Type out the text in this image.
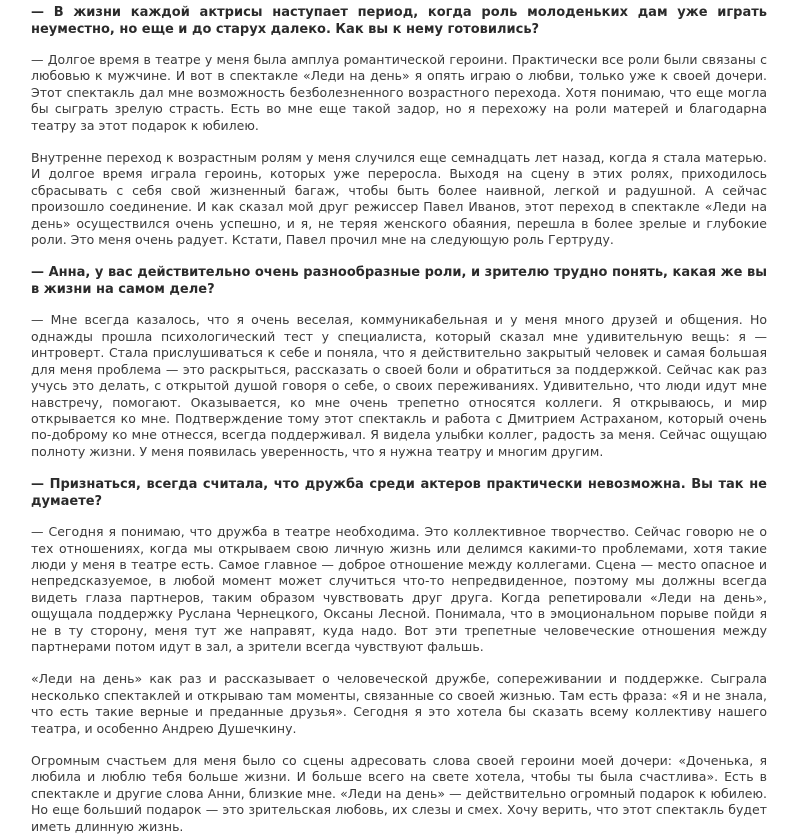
— В жизни каждой актрисы наступает период, когда роль молоденьких дам уже играть неуместно, но еще и до старух далеко. Как вы к нему готовились?

— Долгое время в театре у меня была амплуа романтической героини. Практически все роли были связаны с любовью к мужчине. И вот в спектакле «Леди на день» я опять играю о любви, только уже к своей дочери. Этот спектакль дал мне возможность безболезненного возрастного перехода. Хотя понимаю, что еще могла бы сыграть зрелую страсть. Есть во мне еще такой задор, но я перехожу на роли матерей и благодарна театру за этот подарок к юбилею.

Внутренне переход к возрастным ролям у меня случился еще семнадцать лет назад, когда я стала матерью. И долгое время играла героинь, которых уже переросла. Выходя на сцену в этих ролях, приходилось сбрасывать с себя свой жизненный багаж, чтобы быть более наивной, легкой и радушной. А сейчас произошло соединение. И как сказал мой друг режиссер Павел Иванов, этот переход в спектакле «Леди на день» осуществился очень успешно, и я, не теряя женского обаяния, перешла в более зрелые и глубокие роли. Это меня очень радует. Кстати, Павел прочил мне на следующую роль Гертруду.

— Анна, у вас действительно очень разнообразные роли, и зрителю трудно понять, какая же вы в жизни на самом деле?

— Мне всегда казалось, что я очень веселая, коммуникабельная и у меня много друзей и общения. Но однажды прошла психологический тест у специалиста, который сказал мне удивительную вещь: я — интроверт. Стала прислушиваться к себе и поняла, что я действительно закрытый человек и самая большая для меня проблема — это раскрыться, рассказать о своей боли и обратиться за поддержкой. Сейчас как раз учусь это делать, с открытой душой говоря о себе, о своих переживаниях. Удивительно, что люди идут мне навстречу, помогают. Оказывается, ко мне очень трепетно относятся коллеги. Я открываюсь, и мир открывается ко мне. Подтверждение тому этот спектакль и работа с Дмитрием Астраханом, который очень по-доброму ко мне отнесся, всегда поддерживал. Я видела улыбки коллег, радость за меня. Сейчас ощущаю полноту жизни. У меня появилась уверенность, что я нужна театру и многим другим.

— Признаться, всегда считала, что дружба среди актеров практически невозможна. Вы так не думаете?

— Сегодня я понимаю, что дружба в театре необходима. Это коллективное творчество. Сейчас говорю не о тех отношениях, когда мы открываем свою личную жизнь или делимся какими-то проблемами, хотя такие люди у меня в театре есть. Самое главное — доброе отношение между коллегами. Сцена — место опасное и непредсказуемое, в любой момент может случиться что-то непредвиденное, поэтому мы должны всегда видеть глаза партнеров, таким образом чувствовать друг друга. Когда репетировали «Леди на день», ощущала поддержку Руслана Чернецкого, Оксаны Лесной. Понимала, что в эмоциональном порыве пойди я не в ту сторону, меня тут же направят, куда надо. Вот эти трепетные человеческие отношения между партнерами потом идут в зал, а зрители всегда чувствуют фальшь.

«Леди на день» как раз и рассказывает о человеческой дружбе, сопереживании и поддержке. Сыграла несколько спектаклей и открываю там моменты, связанные со своей жизнью. Там есть фраза: «Я и не знала, что есть такие верные и преданные друзья». Сегодня я это хотела бы сказать всему коллективу нашего театра, и особенно Андрею Душечкину.

Огромным счастьем для меня было со сцены адресовать слова своей героини моей дочери: «Доченька, я любила и люблю тебя больше жизни. И больше всего на свете хотела, чтобы ты была счастлива». Есть в спектакле и другие слова Анни, близкие мне. «Леди на день» — действительно огромный подарок к юбилею. Но еще больший подарок — это зрительская любовь, их слезы и смех. Хочу верить, что этот спектакль будет иметь длинную жизнь.
